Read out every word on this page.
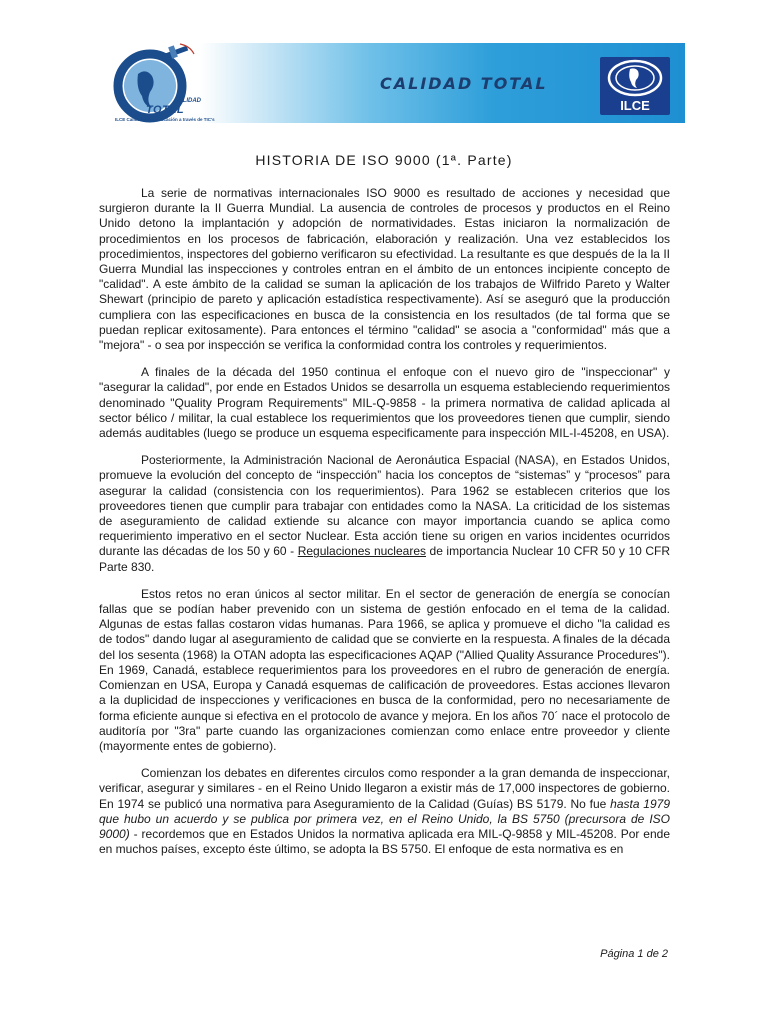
CALIDAD
TOTAL
ILCE Calidad en la educación a través de TIC's
CALIDAD TOTAL
ILCE
HISTORIA DE ISO 9000 (1ª. Parte)

La serie de normativas internacionales ISO 9000 es resultado de acciones y necesidad que surgieron durante la II Guerra Mundial. La ausencia de controles de procesos y productos en el Reino Unido detono la implantación y adopción de normatividades. Estas iniciaron la normalización de procedimientos en los procesos de fabricación, elaboración y realización. Una vez establecidos los procedimientos, inspectores del gobierno verificaron su efectividad. La resultante es que después de la la II Guerra Mundial las inspecciones y controles entran en el ámbito de un entonces incipiente concepto de "calidad". A este ámbito de la calidad se suman la aplicación de los trabajos de Wilfrido Pareto y Walter Shewart (principio de pareto y aplicación estadística respectivamente). Así se aseguró que la producción cumpliera con las especificaciones en busca de la consistencia en los resultados (de tal forma que se puedan replicar exitosamente). Para entonces el término "calidad" se asocia a "conformidad" más que a "mejora" - o sea por inspección se verifica la conformidad contra los controles y requerimientos.

A finales de la década del 1950 continua el enfoque con el nuevo giro de "inspeccionar" y "asegurar la calidad", por ende en Estados Unidos se desarrolla un esquema estableciendo requerimientos denominado "Quality Program Requirements" MIL-Q-9858 - la primera normativa de calidad aplicada al sector bélico / militar, la cual establece los requerimientos que los proveedores tienen que cumplir, siendo además auditables (luego se produce un esquema especificamente para inspección MIL-I-45208, en USA).

Posteriormente, la Administración Nacional de Aeronáutica Espacial (NASA), en Estados Unidos, promueve la evolución del concepto de “inspección” hacia los conceptos de “sistemas” y “procesos” para asegurar la calidad (consistencia con los requerimientos). Para 1962 se establecen criterios que los proveedores tienen que cumplir para trabajar con entidades como la NASA. La criticidad de los sistemas de aseguramiento de calidad extiende su alcance con mayor importancia cuando se aplica como requerimiento imperativo en el sector Nuclear. Esta acción tiene su origen en varios incidentes ocurridos durante las décadas de los 50 y 60 - Regulaciones nucleares de importancia Nuclear 10 CFR 50 y 10 CFR Parte 830.

Estos retos no eran únicos al sector militar. En el sector de generación de energía se conocían fallas que se podían haber prevenido con un sistema de gestión enfocado en el tema de la calidad. Algunas de estas fallas costaron vidas humanas. Para 1966, se aplica y promueve el dicho "la calidad es de todos" dando lugar al aseguramiento de calidad que se convierte en la respuesta. A finales de la década del los sesenta (1968) la OTAN adopta las especificaciones AQAP ("Allied Quality Assurance Procedures"). En 1969, Canadá, establece requerimientos para los proveedores en el rubro de generación de energía. Comienzan en USA, Europa y Canadá esquemas de calificación de proveedores. Estas acciones llevaron a la duplicidad de inspecciones y verificaciones en busca de la conformidad, pero no necesariamente de forma eficiente aunque si efectiva en el protocolo de avance y mejora. En los años 70´ nace el protocolo de auditoría por "3ra" parte cuando las organizaciones comienzan como enlace entre proveedor y cliente (mayormente entes de gobierno).

Comienzan los debates en diferentes circulos como responder a la gran demanda de inspeccionar, verificar, asegurar y similares - en el Reino Unido llegaron a existir más de 17,000 inspectores de gobierno. En 1974 se publicó una normativa para Aseguramiento de la Calidad (Guías) BS 5179. No fue hasta 1979 que hubo un acuerdo y se publica por primera vez, en el Reino Unido, la BS 5750 (precursora de ISO 9000) - recordemos que en Estados Unidos la normativa aplicada era MIL-Q-9858 y MIL-45208. Por ende en muchos países, excepto éste último, se adopta la BS 5750. El enfoque de esta normativa es en

Página 1 de 2
